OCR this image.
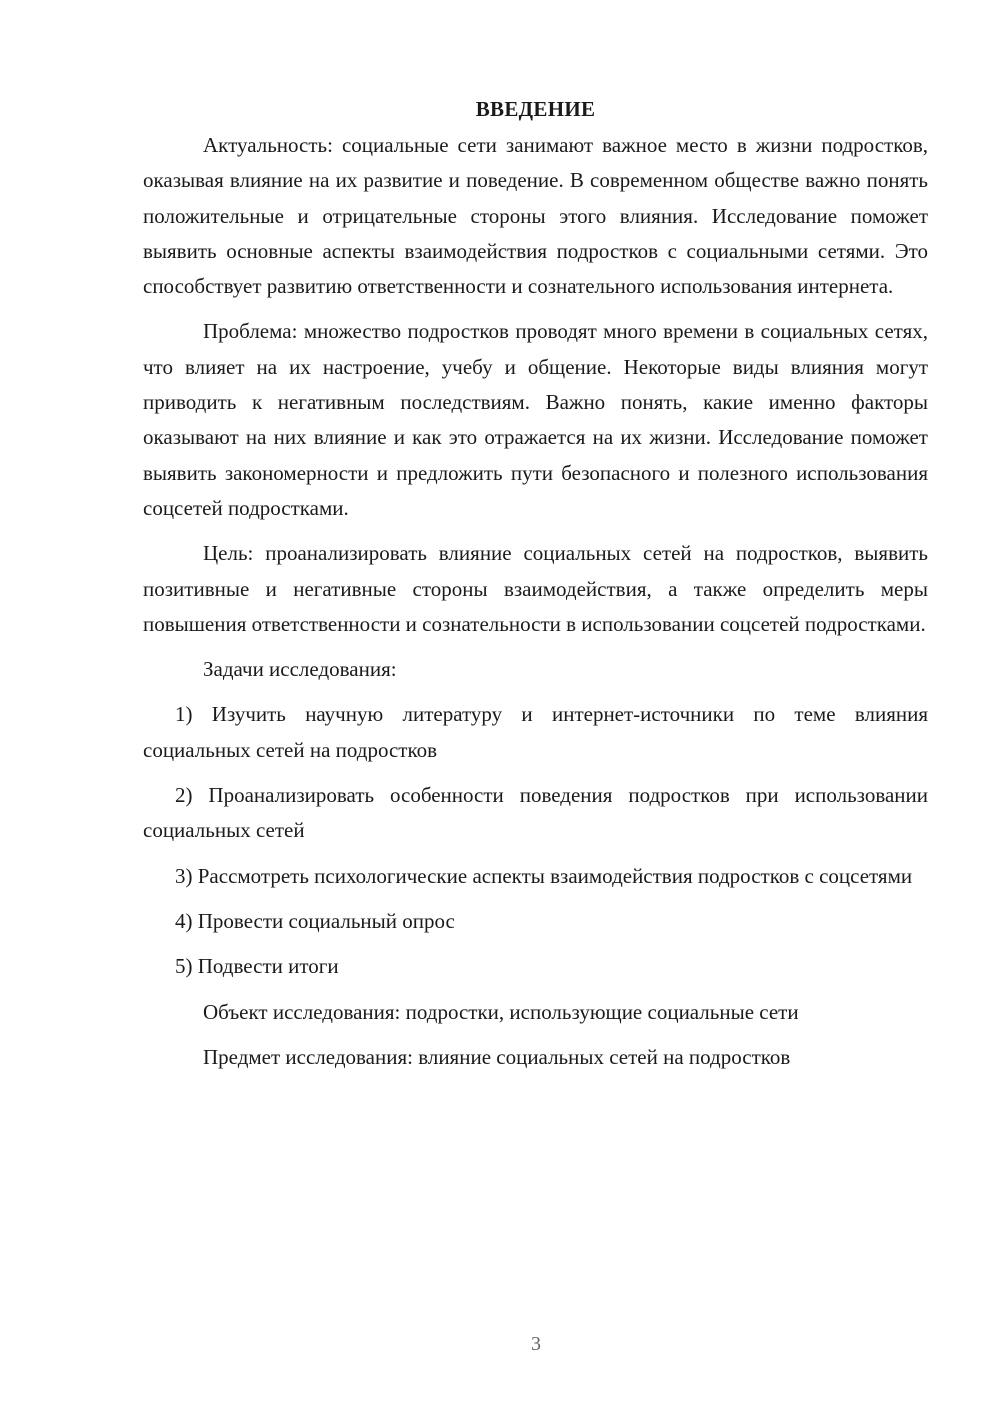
ВВЕДЕНИЕ

Актуальность: социальные сети занимают важное место в жизни подростков, оказывая влияние на их развитие и поведение. В современном обществе важно понять положительные и отрицательные стороны этого влияния. Исследование поможет выявить основные аспекты взаимодействия подростков с социальными сетями. Это способствует развитию ответственности и сознательного использования интернета.

Проблема: множество подростков проводят много времени в социальных сетях, что влияет на их настроение, учебу и общение. Некоторые виды влияния могут приводить к негативным последствиям. Важно понять, какие именно факторы оказывают на них влияние и как это отражается на их жизни. Исследование поможет выявить закономерности и предложить пути безопасного и полезного использования соцсетей подростками.

Цель: проанализировать влияние социальных сетей на подростков, выявить позитивные и негативные стороны взаимодействия, а также определить меры повышения ответственности и сознательности в использовании соцсетей подростками.

Задачи исследования:

1) Изучить научную литературу и интернет-источники по теме влияния социальных сетей на подростков

2) Проанализировать особенности поведения подростков при использовании социальных сетей

3) Рассмотреть психологические аспекты взаимодействия подростков с соцсетями

4) Провести социальный опрос

5) Подвести итоги

Объект исследования: подростки, использующие социальные сети

Предмет исследования: влияние социальных сетей на подростков

3
